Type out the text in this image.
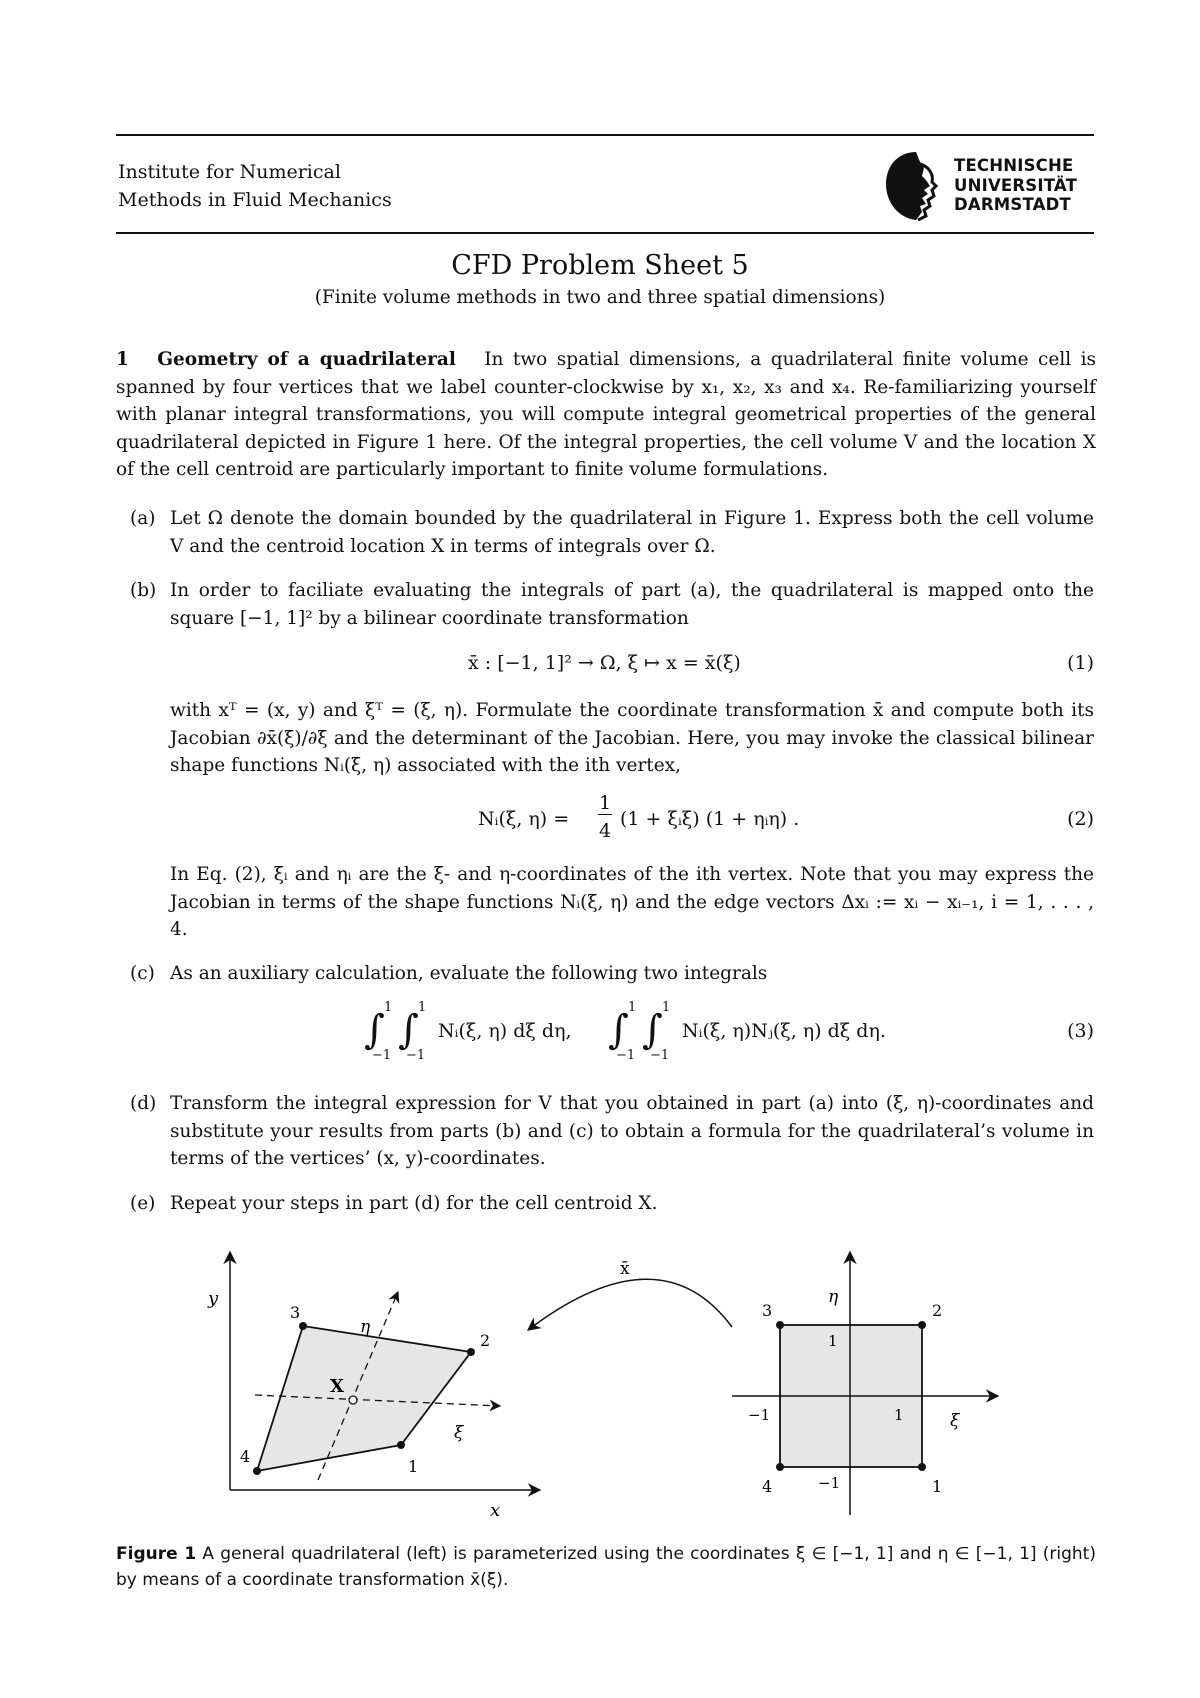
Institute for Numerical
Methods in Fluid Mechanics
TECHNISCHE
UNIVERSITÄT
DARMSTADT
CFD Problem Sheet 5
(Finite volume methods in two and three spatial dimensions)
1 Geometry of a quadrilateral In two spatial dimensions, a quadrilateral finite volume cell is spanned by four vertices that we label counter-clockwise by x₁, x₂, x₃ and x₄. Re-familiarizing yourself with planar integral transformations, you will compute integral geometrical properties of the general quadrilateral depicted in Figure 1 here. Of the integral properties, the cell volume V and the location X of the cell centroid are particularly important to finite volume formulations.
(a) Let Ω denote the domain bounded by the quadrilateral in Figure 1. Express both the cell volume V and the centroid location X in terms of integrals over Ω.
(b) In order to faciliate evaluating the integrals of part (a), the quadrilateral is mapped onto the square [−1, 1]² by a bilinear coordinate transformation
x̄ : [−1, 1]² → Ω, ξ ↦ x = x̄(ξ)	(1)
with xᵀ = (x, y) and ξᵀ = (ξ, η). Formulate the coordinate transformation x̄ and compute both its Jacobian ∂x̄(ξ)/∂ξ and the determinant of the Jacobian. Here, you may invoke the classical bilinear shape functions Nᵢ(ξ, η) associated with the ith vertex,
Nᵢ(ξ, η) =
1
4
(1 + ξᵢξ) (1 + ηᵢη) .	(2)
In Eq. (2), ξᵢ and ηᵢ are the ξ- and η-coordinates of the ith vertex. Note that you may express the Jacobian in terms of the shape functions Nᵢ(ξ, η) and the edge vectors Δxᵢ := xᵢ − xᵢ₋₁, i = 1, . . . , 4.
(c) As an auxiliary calculation, evaluate the following two integrals
∫ 1
−1
∫ 1
−1
Nᵢ(ξ, η) dξ dη, ∫ 1
−1
∫ 1
−1
Nᵢ(ξ, η)Nⱼ(ξ, η) dξ dη.	(3)
(d) Transform the integral expression for V that you obtained in part (a) into (ξ, η)-coordinates and substitute your results from parts (b) and (c) to obtain a formula for the quadrilateral’s volume in terms of the vertices’ (x, y)-coordinates.
(e) Repeat your steps in part (d) for the cell centroid X.
y
x
3
2
1
4
η
ξ
X
x̄
η
ξ
3	2
1
4
1
−1
1
−1
Figure 1 A general quadrilateral (left) is parameterized using the coordinates ξ ∈ [−1, 1] and η ∈ [−1, 1] (right) by means of a coordinate transformation x̄(ξ).
